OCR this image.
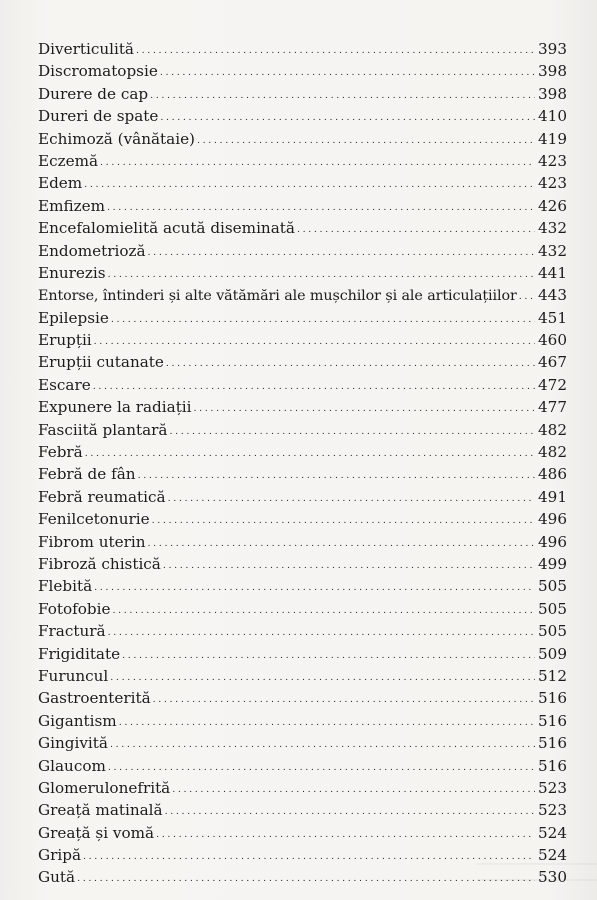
Diverticulită . . .	393
Discromatopsie . . .	398
Durere de cap . . .	398
Dureri de spate . . .	410
Echimoză (vânătaie) . . .	419
Eczemă . . .	423
Edem . . .	423
Emfizem . . .	426
Encefalomielită acută diseminată . . .	432
Endometrioză . . .	432
Enurezis . . .	441
Entorse, întinderi și alte vătămări ale mușchilor și ale articulațiilor . . . 443
Epilepsie . . .	451
Erupții . . .	460
Erupții cutanate . . .	467
Escare . . .	472
Expunere la radiații . . .	477
Fasciită plantară . . .	482
Febră . . .	482
Febră de fân . . .	486
Febră reumatică . . .	491
Fenilcetonurie . . .	496
Fibrom uterin . . .	496
Fibroză chistică . . .	499
Flebită . . .	505
Fotofobie . . .	505
Fractură . . .	505
Frigiditate . . .	509
Furuncul . . .	512
Gastroenterită . . .	516
Gigantism . . .	516
Gingivită . . .	516
Glaucom . . .	516
Glomerulonefrită . . .	523
Greață matinală . . .	523
Greață și vomă . . .	524
Gripă . . .	524
Gută . . .	530
